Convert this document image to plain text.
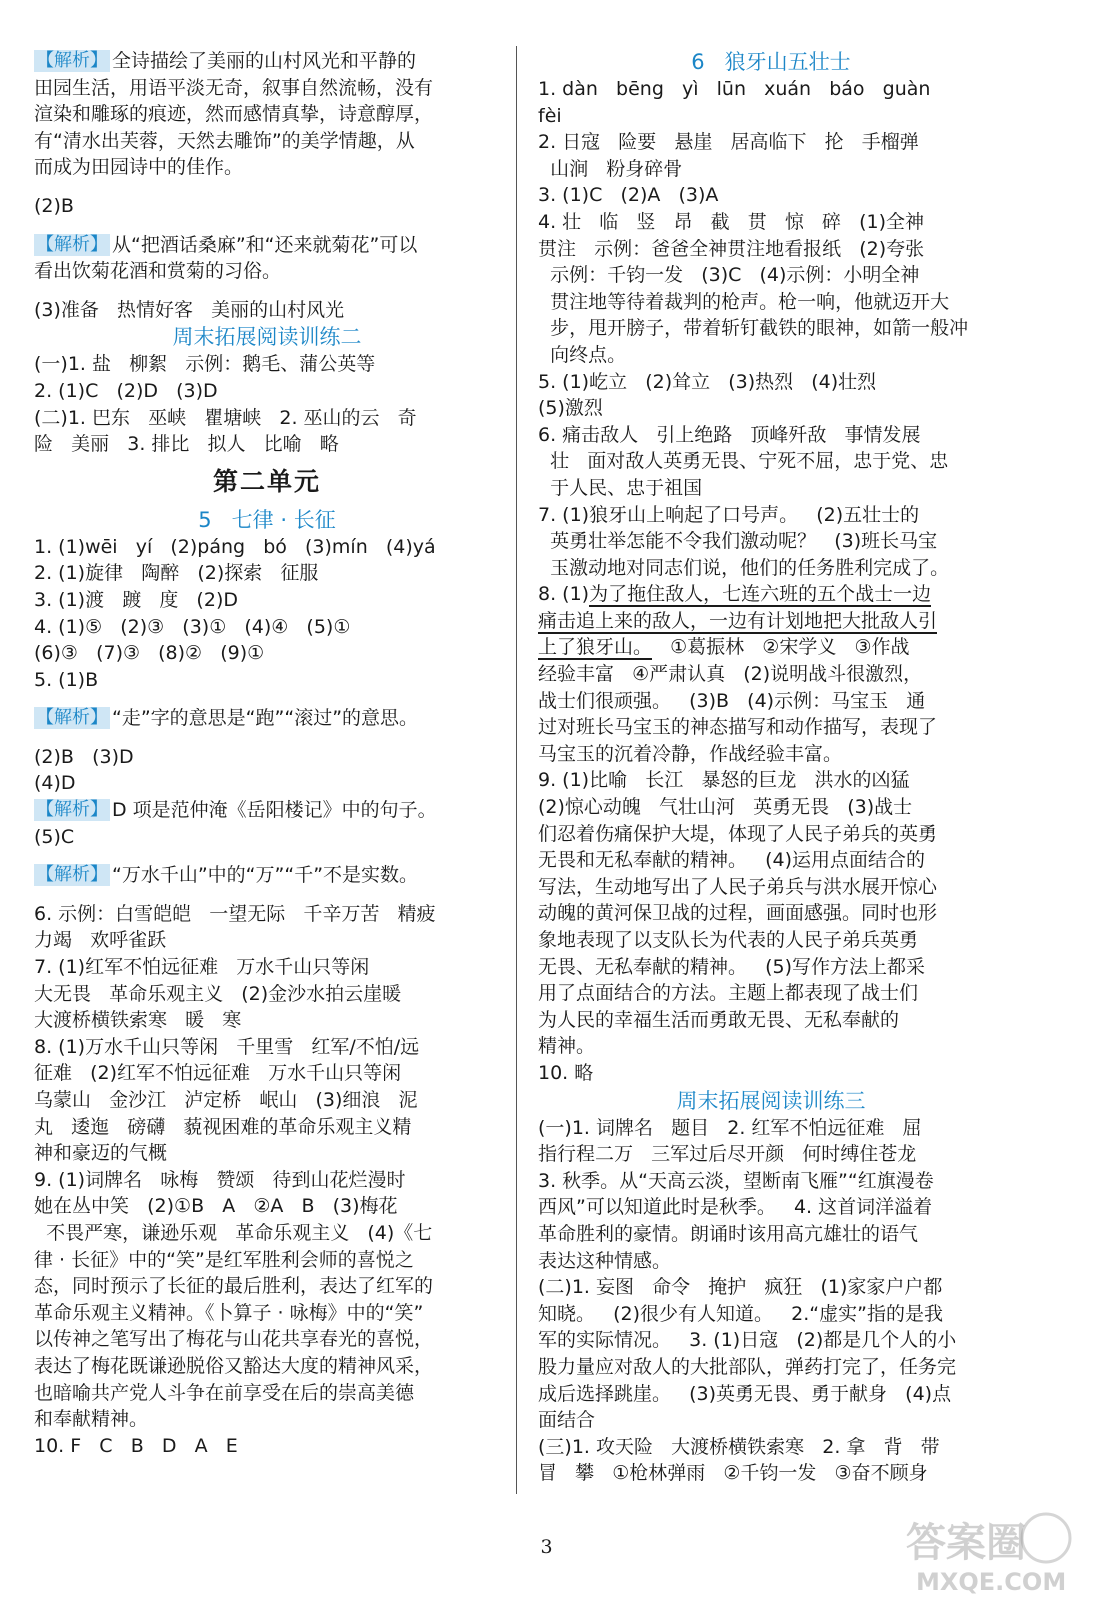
【解析】 全诗描绘了美丽的山村风光和平静的
田园生活，用语平淡无奇，叙事自然流畅，没有
渲染和雕琢的痕迹，然而感情真挚，诗意醇厚，
有“清水出芙蓉，天然去雕饰”的美学情趣，从
而成为田园诗中的佳作。
(2)B
【解析】 从“把酒话桑麻”和“还来就菊花”可以
看出饮菊花酒和赏菊的习俗。
(3)准备   热情好客   美丽的山村风光
周末拓展阅读训练二
(一)1. 盐   柳絮   示例：鹅毛、蒲公英等
2. (1)C   (2)D   (3)D
(二)1. 巴东   巫峡   瞿塘峡   2. 巫山的云   奇
险   美丽   3. 排比   拟人   比喻   略
第二单元
5   七律 · 长征
1. (1)wēi   yí   (2)páng   bó   (3)mín   (4)yá
2. (1)旋律   陶醉   (2)探索   征服
3. (1)渡   踱   度   (2)D
4. (1)⑤   (2)③   (3)①   (4)④   (5)①
(6)③   (7)③   (8)②   (9)①
5. (1)B
【解析】 “走”字的意思是“跑”“滚过”的意思。
(2)B   (3)D
(4)D
【解析】 D 项是范仲淹《岳阳楼记》中的句子。
(5)C
【解析】 “万水千山”中的“万”“千”不是实数。
6. 示例：白雪皑皑   一望无际   千辛万苦   精疲
力竭   欢呼雀跃
7. (1)红军不怕远征难   万水千山只等闲
大无畏   革命乐观主义   (2)金沙水拍云崖暖
大渡桥横铁索寒   暖   寒
8. (1)万水千山只等闲   千里雪   红军/不怕/远
征难   (2)红军不怕远征难   万水千山只等闲
乌蒙山   金沙江   泸定桥   岷山   (3)细浪   泥
丸   逶迤   磅礴   藐视困难的革命乐观主义精
神和豪迈的气概
9. (1)词牌名   咏梅   赞颂   待到山花烂漫时
她在丛中笑   (2)①B   A   ②A   B   (3)梅花
不畏严寒，谦逊乐观   革命乐观主义   (4)《七
律 · 长征》中的“笑”是红军胜利会师的喜悦之
态，同时预示了长征的最后胜利，表达了红军的
革命乐观主义精神。《卜算子 · 咏梅》中的“笑”
以传神之笔写出了梅花与山花共享春光的喜悦，
表达了梅花既谦逊脱俗又豁达大度的精神风采，
也暗喻共产党人斗争在前享受在后的崇高美德
和奉献精神。
10. F   C   B   D   A   E
6   狼牙山五壮士
1. dàn   bēng   yì   lūn   xuán   báo   guàn
fèi
2. 日寇   险要   悬崖   居高临下   抡   手榴弹
山涧   粉身碎骨
3. (1)C   (2)A   (3)A
4. 壮   临   竖   昂   截   贯   惊   碎   (1)全神
贯注   示例：爸爸全神贯注地看报纸   (2)夸张
示例：千钧一发   (3)C   (4)示例：小明全神
贯注地等待着裁判的枪声。枪一响，他就迈开大
步，甩开膀子，带着斩钉截铁的眼神，如箭一般冲
向终点。
5. (1)屹立   (2)耸立   (3)热烈   (4)壮烈
(5)激烈
6. 痛击敌人   引上绝路   顶峰歼敌   事情发展
壮   面对敌人英勇无畏、宁死不屈，忠于党、忠
于人民、忠于祖国
7. (1)狼牙山上响起了口号声。   (2)五壮士的
英勇壮举怎能不令我们激动呢？   (3)班长马宝
玉激动地对同志们说，他们的任务胜利完成了。
8. (1)为了拖住敌人，七连六班的五个战士一边
痛击追上来的敌人，一边有计划地把大批敌人引
上了狼牙山。   ①葛振林   ②宋学义   ③作战
经验丰富   ④严肃认真   (2)说明战斗很激烈，
战士们很顽强。   (3)B   (4)示例：马宝玉   通
过对班长马宝玉的神态描写和动作描写，表现了
马宝玉的沉着冷静，作战经验丰富。
9. (1)比喻   长江   暴怒的巨龙   洪水的凶猛
(2)惊心动魄   气壮山河   英勇无畏   (3)战士
们忍着伤痛保护大堤，体现了人民子弟兵的英勇
无畏和无私奉献的精神。   (4)运用点面结合的
写法，生动地写出了人民子弟兵与洪水展开惊心
动魄的黄河保卫战的过程，画面感强。同时也形
象地表现了以支队长为代表的人民子弟兵英勇
无畏、无私奉献的精神。   (5)写作方法上都采
用了点面结合的方法。主题上都表现了战士们
为人民的幸福生活而勇敢无畏、无私奉献的
精神。
10. 略
周末拓展阅读训练三
(一)1. 词牌名   题目   2. 红军不怕远征难   屈
指行程二万   三军过后尽开颜   何时缚住苍龙
3. 秋季。从“天高云淡，望断南飞雁”“红旗漫卷
西风”可以知道此时是秋季。   4. 这首词洋溢着
革命胜利的豪情。朗诵时该用高亢雄壮的语气
表达这种情感。
(二)1. 妄图   命令   掩护   疯狂   (1)家家户户都
知晓。   (2)很少有人知道。   2.“虚实”指的是我
军的实际情况。   3. (1)日寇   (2)都是几个人的小
股力量应对敌人的大批部队，弹药打完了，任务完
成后选择跳崖。   (3)英勇无畏、勇于献身   (4)点
面结合
(三)1. 攻天险   大渡桥横铁索寒   2. 拿   背   带
冒   攀   ①枪林弹雨   ②千钧一发   ③奋不顾身
3	答案圈
MXQE.COM
